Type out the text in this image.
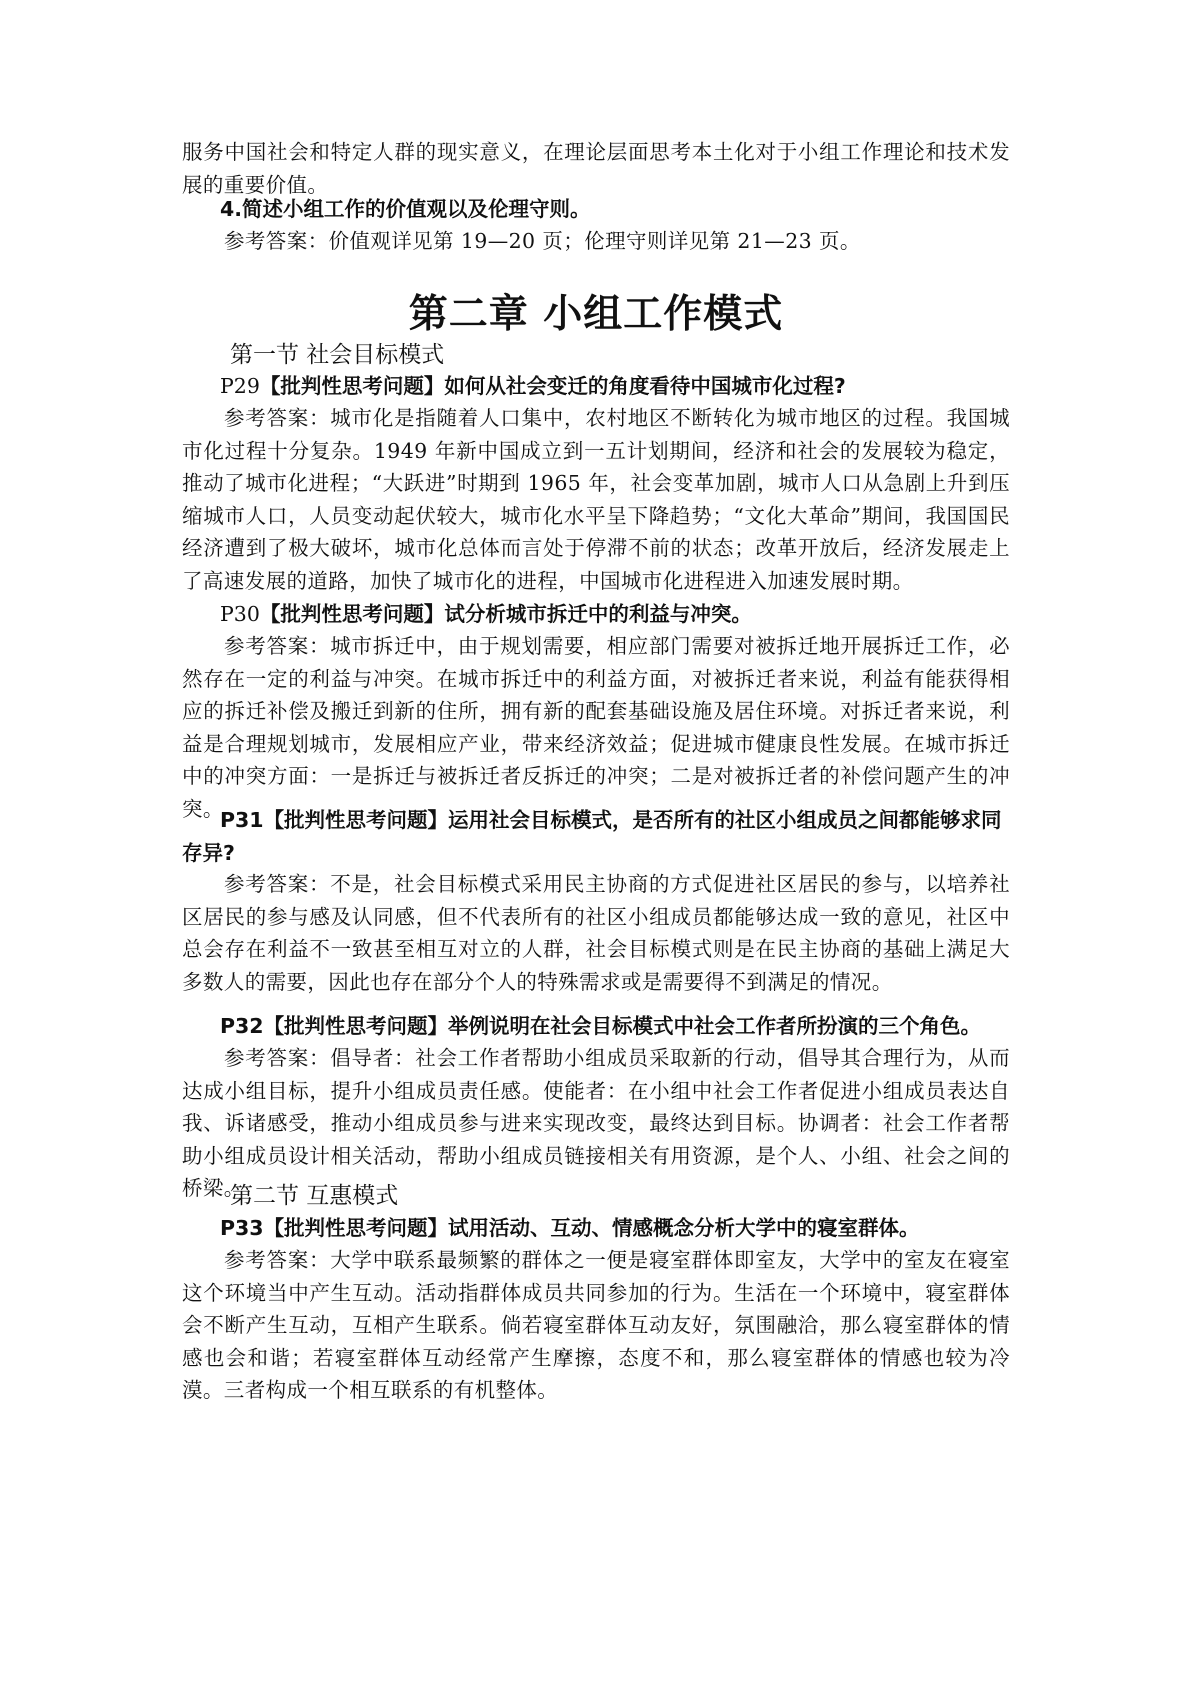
服务中国社会和特定人群的现实意义，在理论层面思考本土化对于小组工作理论和技术发展的重要价值。
4.简述小组工作的价值观以及伦理守则。
参考答案：价值观详见第 19—20 页；伦理守则详见第 21—23 页。
第二章 小组工作模式
第一节 社会目标模式
P29【批判性思考问题】如何从社会变迁的角度看待中国城市化过程?
参考答案：城市化是指随着人口集中，农村地区不断转化为城市地区的过程。我国城市化过程十分复杂。1949 年新中国成立到一五计划期间，经济和社会的发展较为稳定，推动了城市化进程；“大跃进”时期到 1965 年，社会变革加剧，城市人口从急剧上升到压缩城市人口，人员变动起伏较大，城市化水平呈下降趋势；“文化大革命”期间，我国国民经济遭到了极大破坏，城市化总体而言处于停滞不前的状态；改革开放后，经济发展走上了高速发展的道路，加快了城市化的进程，中国城市化进程进入加速发展时期。
P30【批判性思考问题】试分析城市拆迁中的利益与冲突。
参考答案：城市拆迁中，由于规划需要，相应部门需要对被拆迁地开展拆迁工作，必然存在一定的利益与冲突。在城市拆迁中的利益方面，对被拆迁者来说，利益有能获得相应的拆迁补偿及搬迁到新的住所，拥有新的配套基础设施及居住环境。对拆迁者来说，利益是合理规划城市，发展相应产业，带来经济效益；促进城市健康良性发展。在城市拆迁中的冲突方面：一是拆迁与被拆迁者反拆迁的冲突；二是对被拆迁者的补偿问题产生的冲突。
P31【批判性思考问题】运用社会目标模式，是否所有的社区小组成员之间都能够求同存异?
参考答案：不是，社会目标模式采用民主协商的方式促进社区居民的参与，以培养社区居民的参与感及认同感，但不代表所有的社区小组成员都能够达成一致的意见，社区中总会存在利益不一致甚至相互对立的人群，社会目标模式则是在民主协商的基础上满足大多数人的需要，因此也存在部分个人的特殊需求或是需要得不到满足的情况。
P32【批判性思考问题】举例说明在社会目标模式中社会工作者所扮演的三个角色。
参考答案：倡导者：社会工作者帮助小组成员采取新的行动，倡导其合理行为，从而达成小组目标，提升小组成员责任感。使能者：在小组中社会工作者促进小组成员表达自我、诉诸感受，推动小组成员参与进来实现改变，最终达到目标。协调者：社会工作者帮助小组成员设计相关活动，帮助小组成员链接相关有用资源，是个人、小组、社会之间的桥梁。
第二节 互惠模式
P33【批判性思考问题】试用活动、互动、情感概念分析大学中的寝室群体。
参考答案：大学中联系最频繁的群体之一便是寝室群体即室友，大学中的室友在寝室这个环境当中产生互动。活动指群体成员共同参加的行为。生活在一个环境中，寝室群体会不断产生互动，互相产生联系。倘若寝室群体互动友好，氛围融洽，那么寝室群体的情感也会和谐；若寝室群体互动经常产生摩擦，态度不和，那么寝室群体的情感也较为冷漠。三者构成一个相互联系的有机整体。
